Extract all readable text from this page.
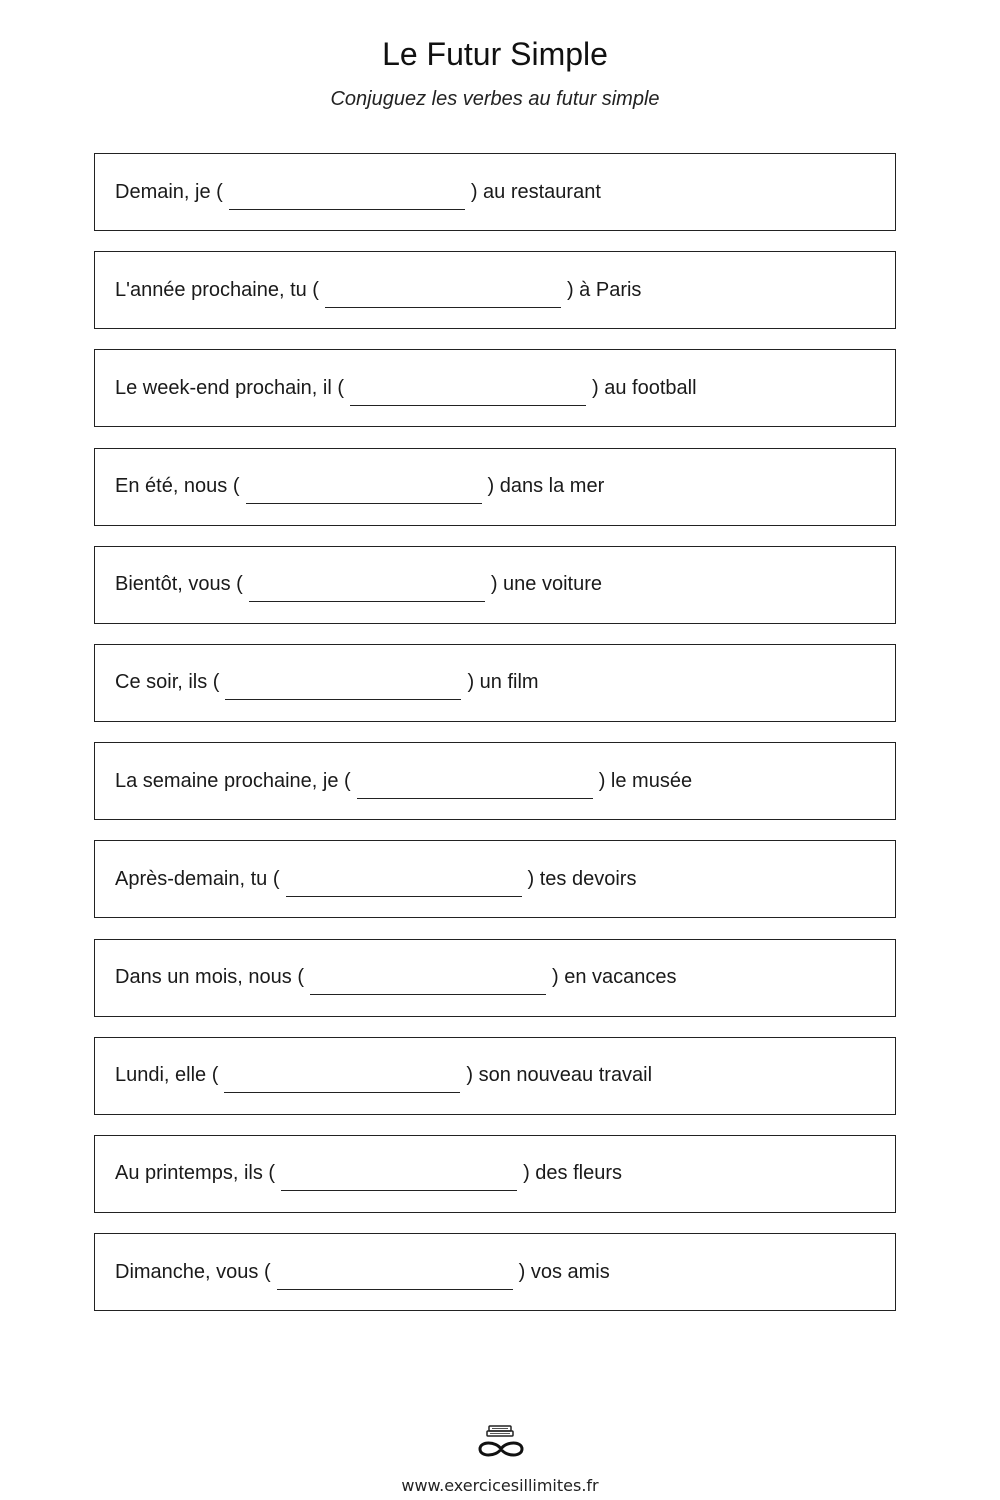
Le Futur Simple
Conjuguez les verbes au futur simple
Demain, je (	) au restaurant
L'année prochaine, tu (	) à Paris
Le week-end prochain, il (	) au football
En été, nous (	) dans la mer
Bientôt, vous (	) une voiture
Ce soir, ils (	) un film
La semaine prochaine, je (	) le musée
Après-demain, tu (	) tes devoirs
Dans un mois, nous (	) en vacances
Lundi, elle (	) son nouveau travail
Au printemps, ils (	) des fleurs
Dimanche, vous (	) vos amis
www.exercicesillimites.fr
